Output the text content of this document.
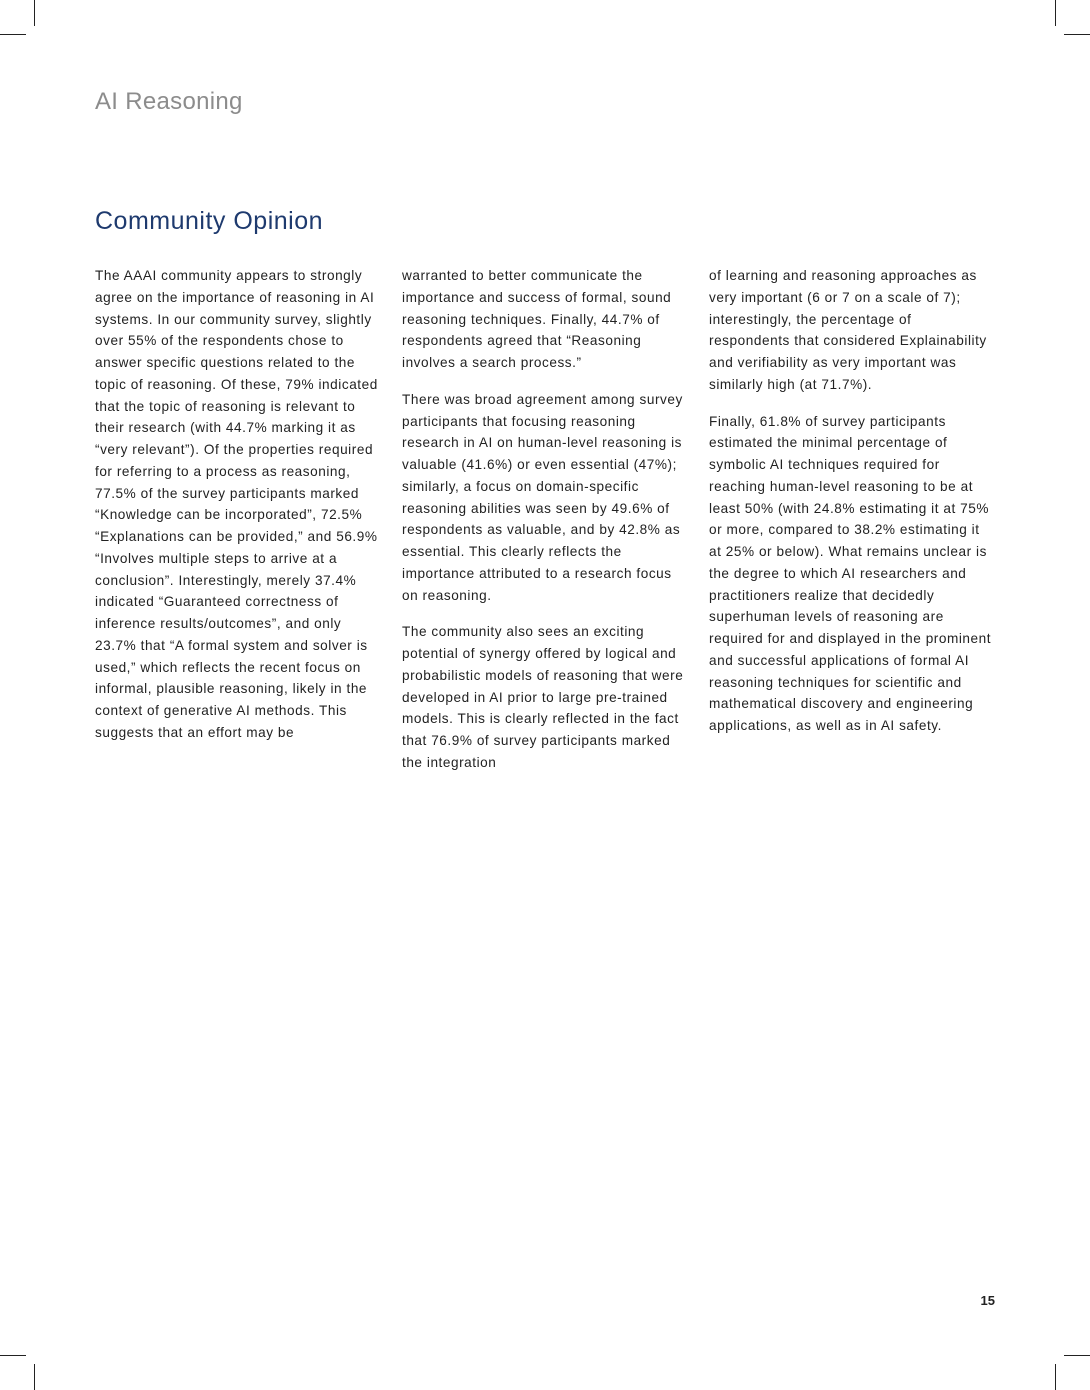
AI Reasoning
Community Opinion

The AAAI community appears to strongly agree on the importance of reasoning in AI systems. In our community survey, slightly over 55% of the respondents chose to answer specific questions related to the topic of reasoning. Of these, 79% indicated that the topic of reasoning is relevant to their research (with 44.7% marking it as “very relevant”). Of the properties required for referring to a process as reasoning, 77.5% of the survey participants marked “Knowledge can be incorporated”, 72.5% “Explanations can be provided,” and 56.9% “Involves multiple steps to arrive at a conclusion”. Interestingly, merely 37.4% indicated “Guaranteed correctness of inference results/outcomes”, and only 23.7% that “A formal system and solver is used,” which reflects the recent focus on informal, plausible reasoning, likely in the context of generative AI methods. This suggests that an effort may be

warranted to better communicate the importance and success of formal, sound reasoning techniques. Finally, 44.7% of respondents agreed that “Reasoning involves a search process.”

There was broad agreement among survey participants that focusing reasoning research in AI on human-level reasoning is valuable (41.6%) or even essential (47%); similarly, a focus on domain-specific reasoning abilities was seen by 49.6% of respondents as valuable, and by 42.8% as essential. This clearly reflects the importance attributed to a research focus on reasoning.

The community also sees an exciting potential of synergy offered by logical and probabilistic models of reasoning that were developed in AI prior to large pre-trained models. This is clearly reflected in the fact that 76.9% of survey participants marked the integration

of learning and reasoning approaches as very important (6 or 7 on a scale of 7); interestingly, the percentage of respondents that considered Explainability and verifiability as very important was similarly high (at 71.7%).

Finally, 61.8% of survey participants estimated the minimal percentage of symbolic AI techniques required for reaching human-level reasoning to be at least 50% (with 24.8% estimating it at 75% or more, compared to 38.2% estimating it at 25% or below). What remains unclear is the degree to which AI researchers and practitioners realize that decidedly superhuman levels of reasoning are required for and displayed in the prominent and successful applications of formal AI reasoning techniques for scientific and mathematical discovery and engineering applications, as well as in AI safety.

15
